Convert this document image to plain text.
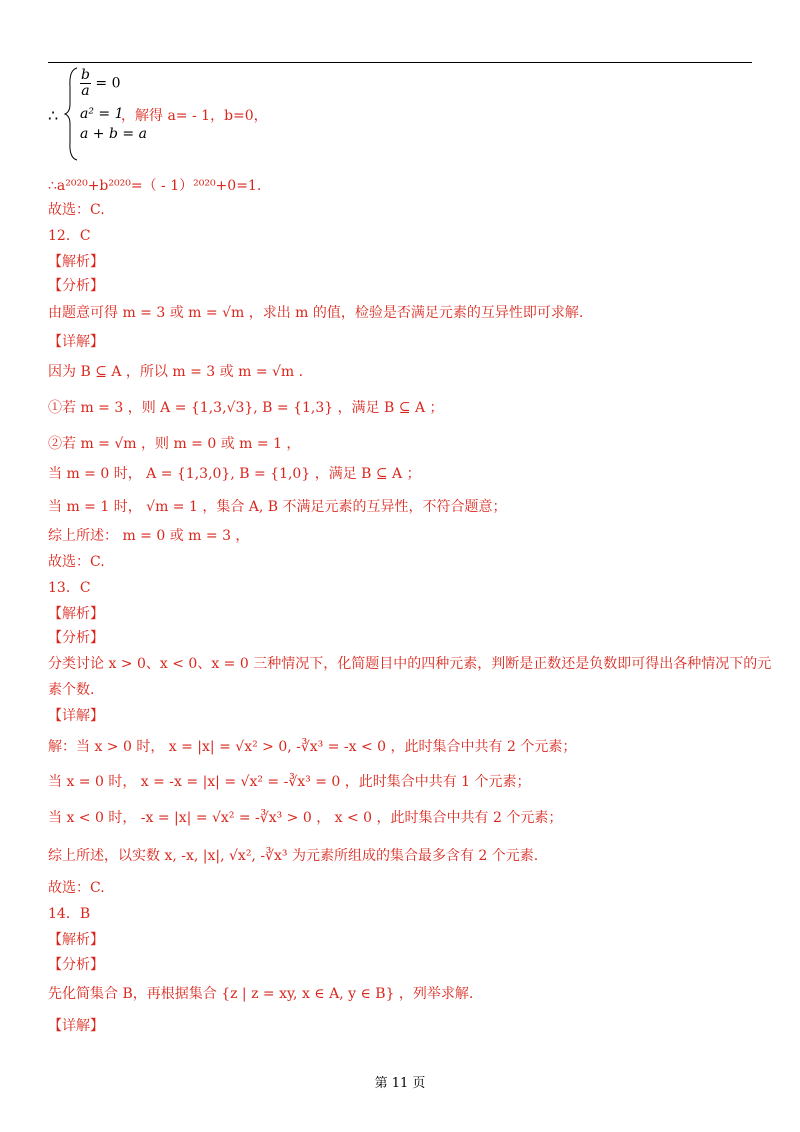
∴
$\frac{b}{a} = 0$
a² = 1
a + b = a
，解得 a= - 1，b=0，
∴a²⁰²⁰+b²⁰²⁰=（ - 1）²⁰²⁰+0=1.
故选：C.
12．C
【解析】
【分析】
由题意可得 m = 3 或 m = √m ，求出 m 的值，检验是否满足元素的互异性即可求解.
【详解】
因为 B ⊆ A ，所以 m = 3 或 m = √m .
①若 m = 3 ，则 A = {1,3,√3}, B = {1,3} ，满足 B ⊆ A ；
②若 m = √m ，则 m = 0 或 m = 1 ，
当 m = 0 时， A = {1,3,0}, B = {1,0} ，满足 B ⊆ A ；
当 m = 1 时， √m = 1 ，集合 A, B 不满足元素的互异性，不符合题意；
综上所述： m = 0 或 m = 3 ，
故选：C.
13．C
【解析】
【分析】
分类讨论 x > 0、x < 0、x = 0 三种情况下，化简题目中的四种元素，判断是正数还是负数即可得出各种情况下的元
素个数.
【详解】
解：当 x > 0 时， x = |x| = √x² > 0, -∛x³ = -x < 0 ，此时集合中共有 2 个元素；
当 x = 0 时， x = -x = |x| = √x² = -∛x³ = 0 ，此时集合中共有 1 个元素；
当 x < 0 时， -x = |x| = √x² = -∛x³ > 0 ， x < 0 ，此时集合中共有 2 个元素；
综上所述，以实数 x, -x, |x|, √x², -∛x³ 为元素所组成的集合最多含有 2 个元素.
故选：C.
14．B
【解析】
【分析】
先化简集合 B，再根据集合 {z | z = xy, x ∈ A, y ∈ B} ，列举求解.
【详解】
第 11 页
